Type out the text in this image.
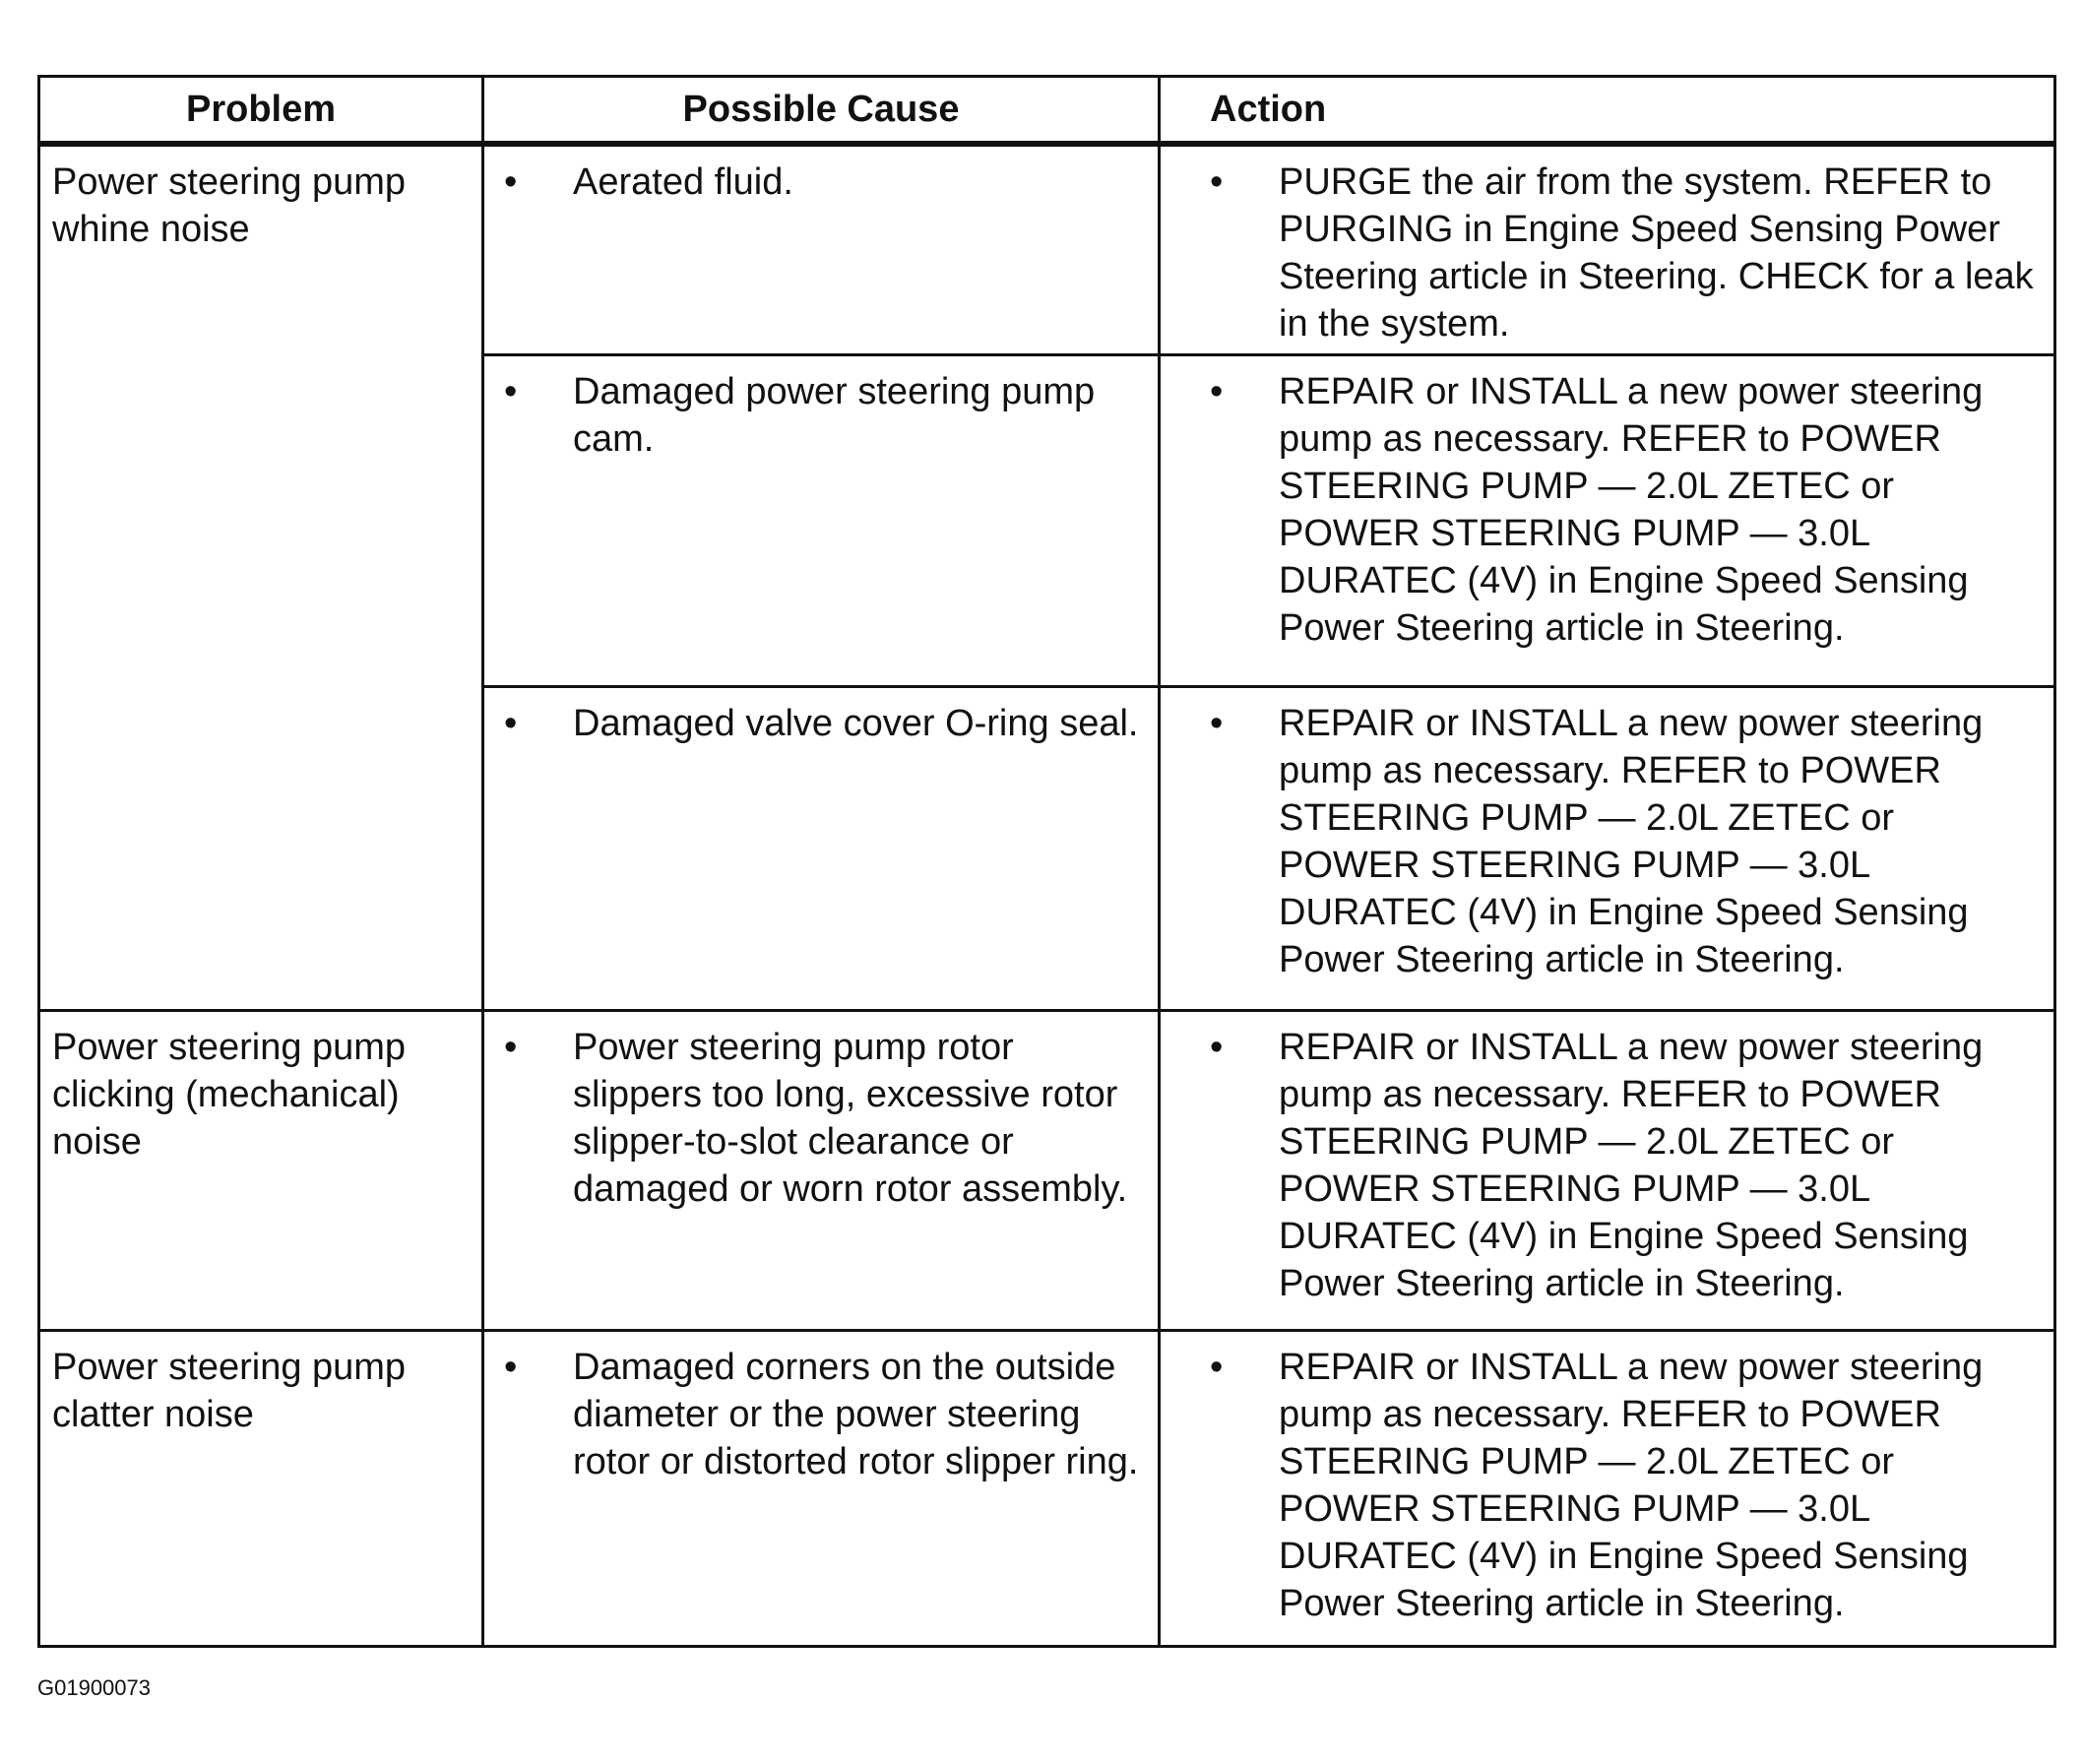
Problem	Possible Cause	Action

Power steering pump whine noise	• Aerated fluid.	• PURGE the air from the system. REFER to PURGING in Engine Speed Sensing Power Steering article in Steering. CHECK for a leak in the system.

	• Damaged power steering pump cam.	• REPAIR or INSTALL a new power steering pump as necessary. REFER to POWER STEERING PUMP — 2.0L ZETEC or POWER STEERING PUMP — 3.0L DURATEC (4V) in Engine Speed Sensing Power Steering article in Steering.

	• Damaged valve cover O-ring seal.	• REPAIR or INSTALL a new power steering pump as necessary. REFER to POWER STEERING PUMP — 2.0L ZETEC or POWER STEERING PUMP — 3.0L DURATEC (4V) in Engine Speed Sensing Power Steering article in Steering.

Power steering pump clicking (mechanical) noise	• Power steering pump rotor slippers too long, excessive rotor slipper-to-slot clearance or damaged or worn rotor assembly.	• REPAIR or INSTALL a new power steering pump as necessary. REFER to POWER STEERING PUMP — 2.0L ZETEC or POWER STEERING PUMP — 3.0L DURATEC (4V) in Engine Speed Sensing Power Steering article in Steering.

Power steering pump clatter noise	• Damaged corners on the outside diameter or the power steering rotor or distorted rotor slipper ring.	• REPAIR or INSTALL a new power steering pump as necessary. REFER to POWER STEERING PUMP — 2.0L ZETEC or POWER STEERING PUMP — 3.0L DURATEC (4V) in Engine Speed Sensing Power Steering article in Steering.
G01900073
